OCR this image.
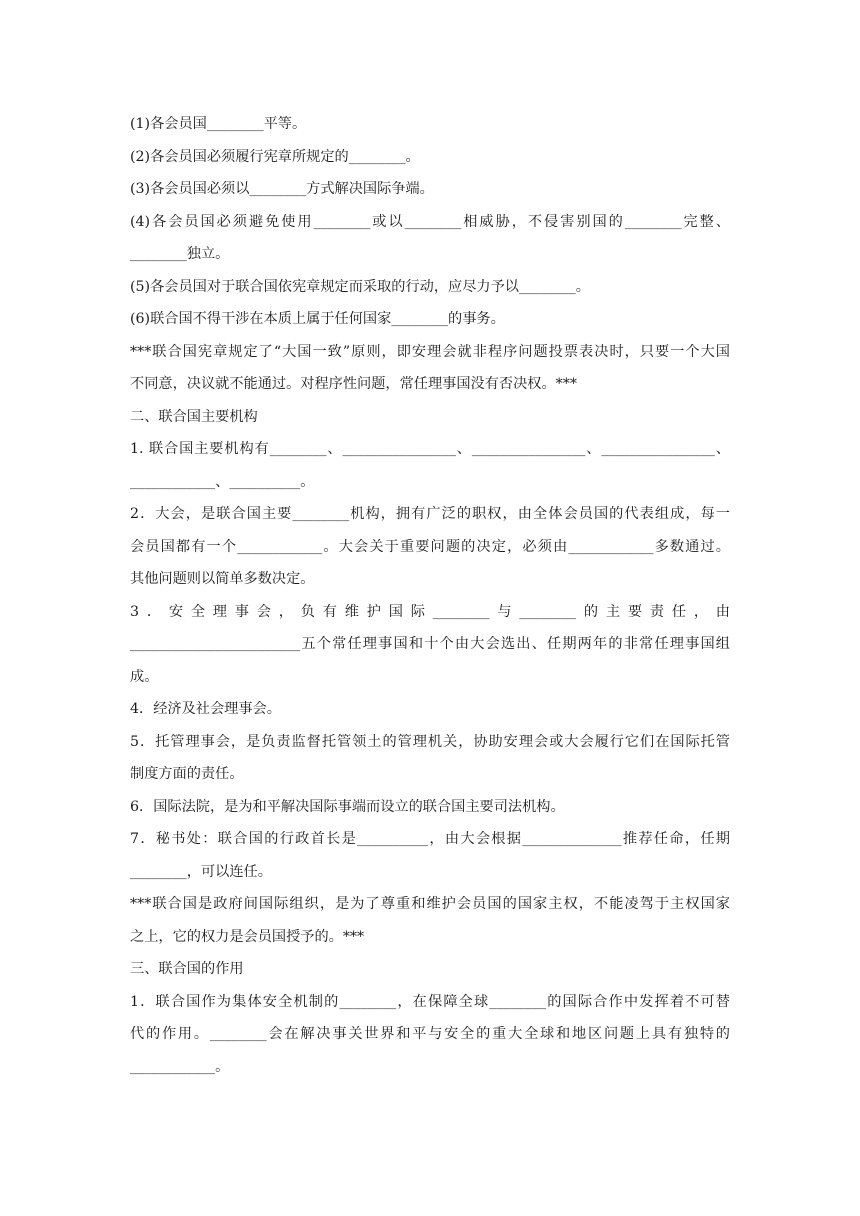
(1)各会员国________平等。

(2)各会员国必须履行宪章所规定的________。

(3)各会员国必须以________方式解决国际争端。

(4)各会员国必须避免使用________或以________相威胁，不侵害别国的________完整、

________独立。

(5)各会员国对于联合国依宪章规定而采取的行动，应尽力予以________。

(6)联合国不得干涉在本质上属于任何国家________的事务。

***联合国宪章规定了“大国一致”原则，即安理会就非程序问题投票表决时，只要一个大国

不同意，决议就不能通过。对程序性问题，常任理事国没有否决权。***

二、联合国主要机构

1. 联合国主要机构有________、________________、________________、________________、

____________、__________。

2．大会，是联合国主要________机构，拥有广泛的职权，由全体会员国的代表组成，每一

会员国都有一个____________。大会关于重要问题的决定，必须由____________多数通过。

其他问题则以简单多数决定。

3．安全理事会，负有维护国际________与________的主要责任，由

________________________五个常任理事国和十个由大会选出、任期两年的非常任理事国组

成。

4．经济及社会理事会。

5．托管理事会，是负责监督托管领土的管理机关，协助安理会或大会履行它们在国际托管

制度方面的责任。

6．国际法院，是为和平解决国际事端而设立的联合国主要司法机构。

7．秘书处：联合国的行政首长是__________，由大会根据______________推荐任命，任期

________，可以连任。

***联合国是政府间国际组织，是为了尊重和维护会员国的国家主权，不能凌驾于主权国家

之上，它的权力是会员国授予的。***

三、联合国的作用

1．联合国作为集体安全机制的________，在保障全球________的国际合作中发挥着不可替

代的作用。________会在解决事关世界和平与安全的重大全球和地区问题上具有独特的

____________。
